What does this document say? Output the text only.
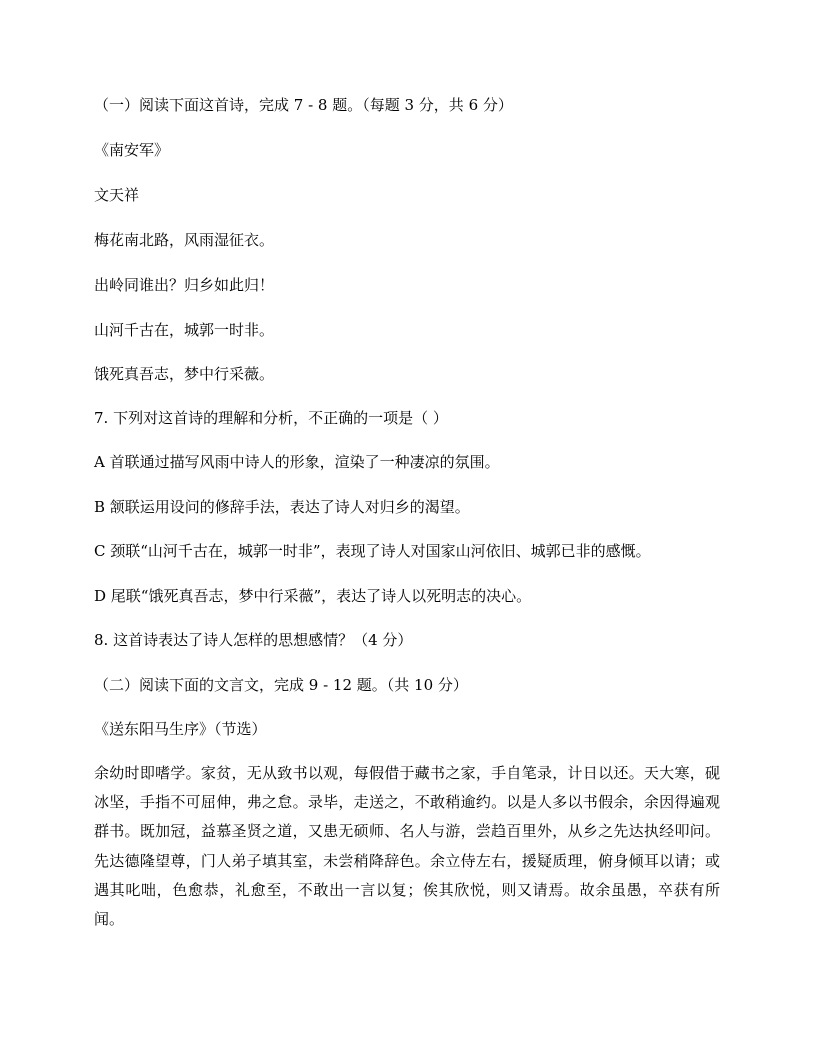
（一）阅读下面这首诗，完成 7 - 8 题。（每题 3 分，共 6 分）
《南安军》
文天祥
梅花南北路，风雨湿征衣。
出岭同谁出？归乡如此归！
山河千古在，城郭一时非。
饿死真吾志，梦中行采薇。
7. 下列对这首诗的理解和分析，不正确的一项是（ ）
A 首联通过描写风雨中诗人的形象，渲染了一种凄凉的氛围。
B 颔联运用设问的修辞手法，表达了诗人对归乡的渴望。
C 颈联“山河千古在，城郭一时非”，表现了诗人对国家山河依旧、城郭已非的感慨。
D 尾联“饿死真吾志，梦中行采薇”，表达了诗人以死明志的决心。
8. 这首诗表达了诗人怎样的思想感情？（4 分）
（二）阅读下面的文言文，完成 9 - 12 题。（共 10 分）
《送东阳马生序》（节选）
余幼时即嗜学。家贫，无从致书以观，每假借于藏书之家，手自笔录，计日以还。天大寒，砚冰坚，手指不可屈伸，弗之怠。录毕，走送之，不敢稍逾约。以是人多以书假余，余因得遍观群书。既加冠，益慕圣贤之道，又患无硕师、名人与游，尝趋百里外，从乡之先达执经叩问。先达德隆望尊，门人弟子填其室，未尝稍降辞色。余立侍左右，援疑质理，俯身倾耳以请；或遇其叱咄，色愈恭，礼愈至，不敢出一言以复；俟其欣悦，则又请焉。故余虽愚，卒获有所闻。
